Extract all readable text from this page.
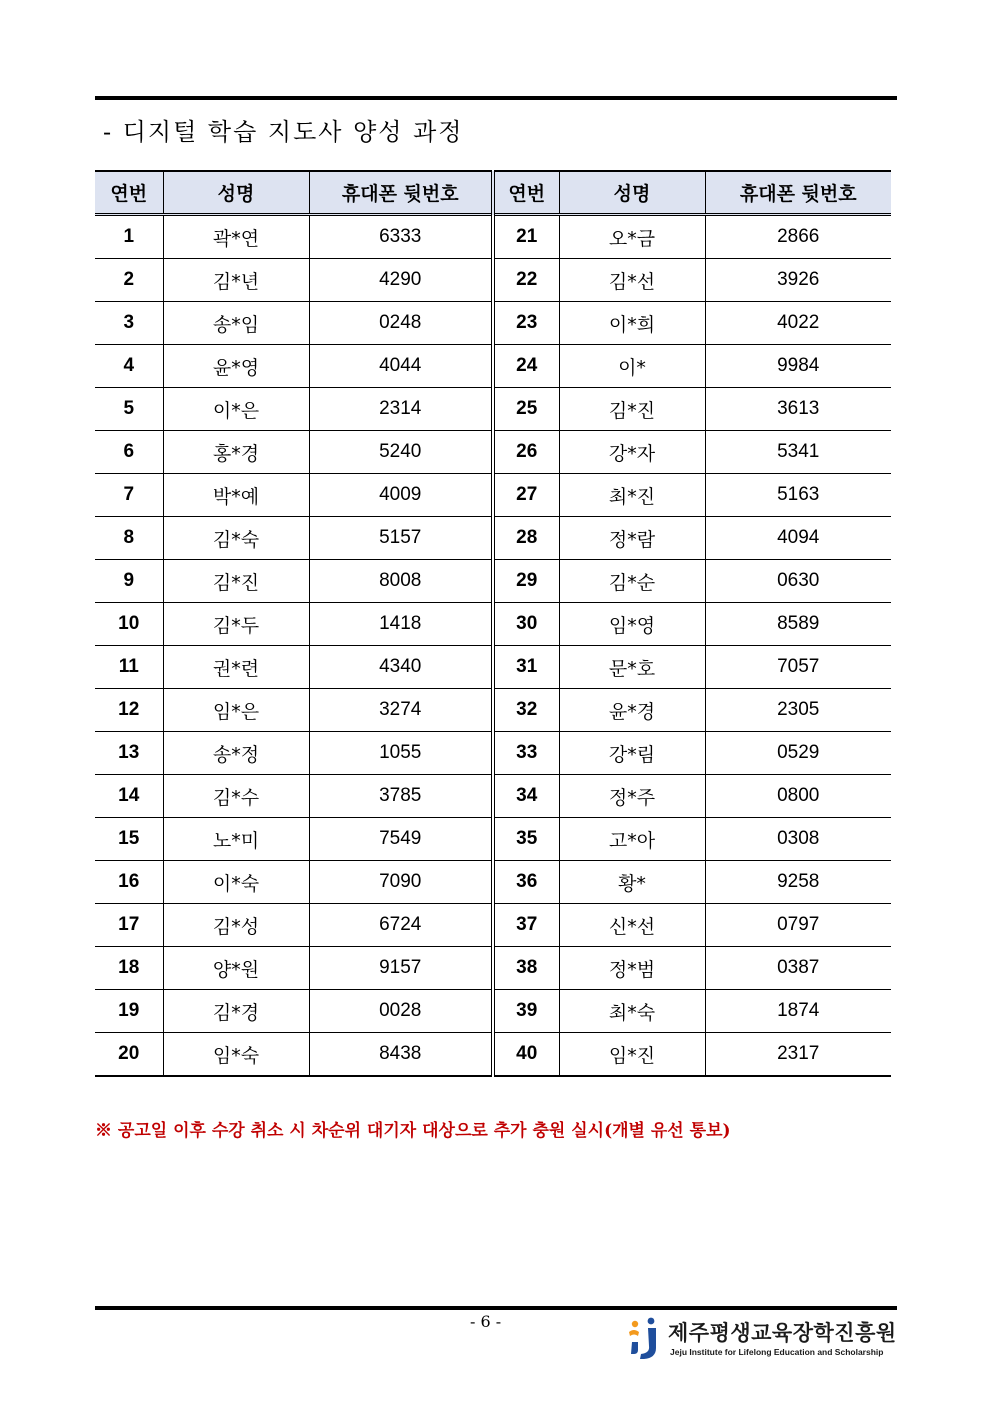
- 디지털 학습 지도사 양성 과정
연번	성명	휴대폰 뒷번호	연번	성명	휴대폰 뒷번호
1	곽*연	6333	21	오*금	2866
2	김*년	4290	22	김*선	3926
3	송*임	0248	23	이*희	4022
4	윤*영	4044	24	이*	9984
5	이*은	2314	25	김*진	3613
6	홍*경	5240	26	강*자	5341
7	박*예	4009	27	최*진	5163
8	김*숙	5157	28	정*람	4094
9	김*진	8008	29	김*순	0630
10	김*두	1418	30	임*영	8589
11	권*련	4340	31	문*호	7057
12	임*은	3274	32	윤*경	2305
13	송*정	1055	33	강*림	0529
14	김*수	3785	34	정*주	0800
15	노*미	7549	35	고*아	0308
16	이*숙	7090	36	황*	9258
17	김*성	6724	37	신*선	0797
18	양*원	9157	38	정*범	0387
19	김*경	0028	39	최*숙	1874
20	임*숙	8438	40	임*진	2317
※ 공고일 이후 수강 취소 시 차순위 대기자 대상으로 추가 충원 실시(개별 유선 통보)
- 6 -	제주평생교육장학진흥원
Jeju Institute for Lifelong Education and Scholarship
